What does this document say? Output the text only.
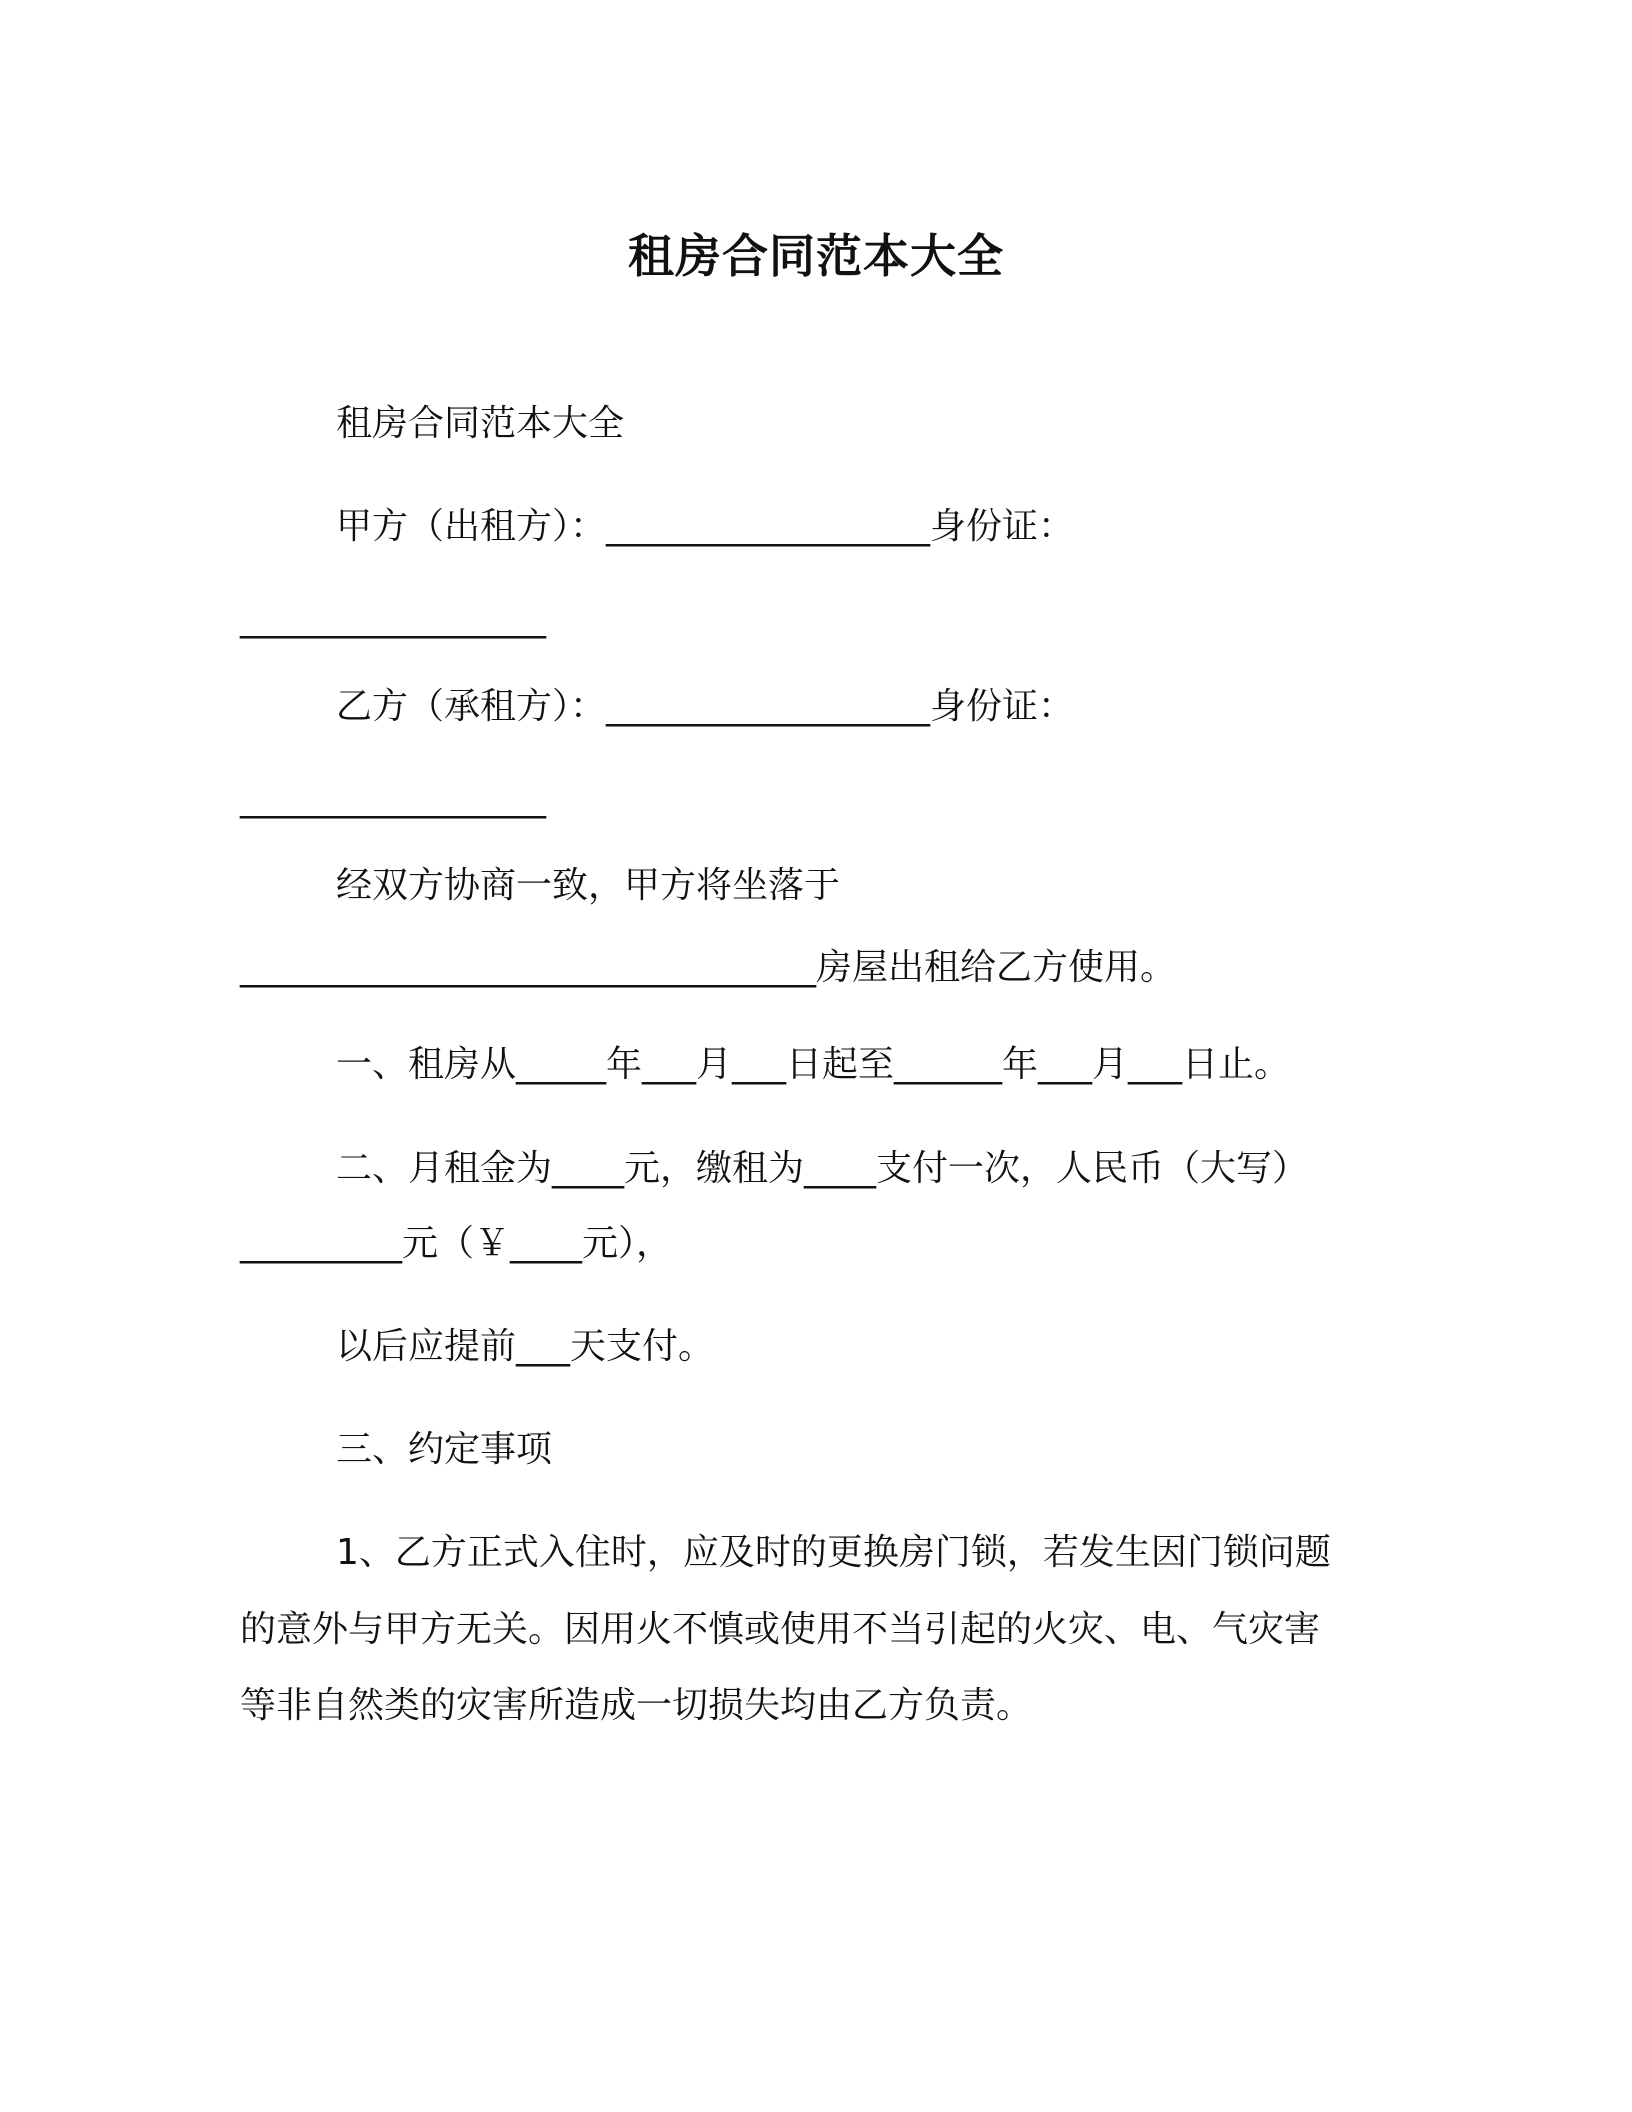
租房合同范本大全
租房合同范本大全
甲方（出租方）：__________________身份证：
_________________
乙方（承租方）：__________________身份证：
_________________
经双方协商一致，甲方将坐落于
________________________________房屋出租给乙方使用。
一、租房从_____年___月___日起至______年___月___日止。
二、月租金为____元，缴租为____支付一次，人民币（大写）
_________元（￥____元），
以后应提前___天支付。
三、约定事项
1、乙方正式入住时，应及时的更换房门锁，若发生因门锁问题
的意外与甲方无关。因用火不慎或使用不当引起的火灾、电、气灾害
等非自然类的灾害所造成一切损失均由乙方负责。
